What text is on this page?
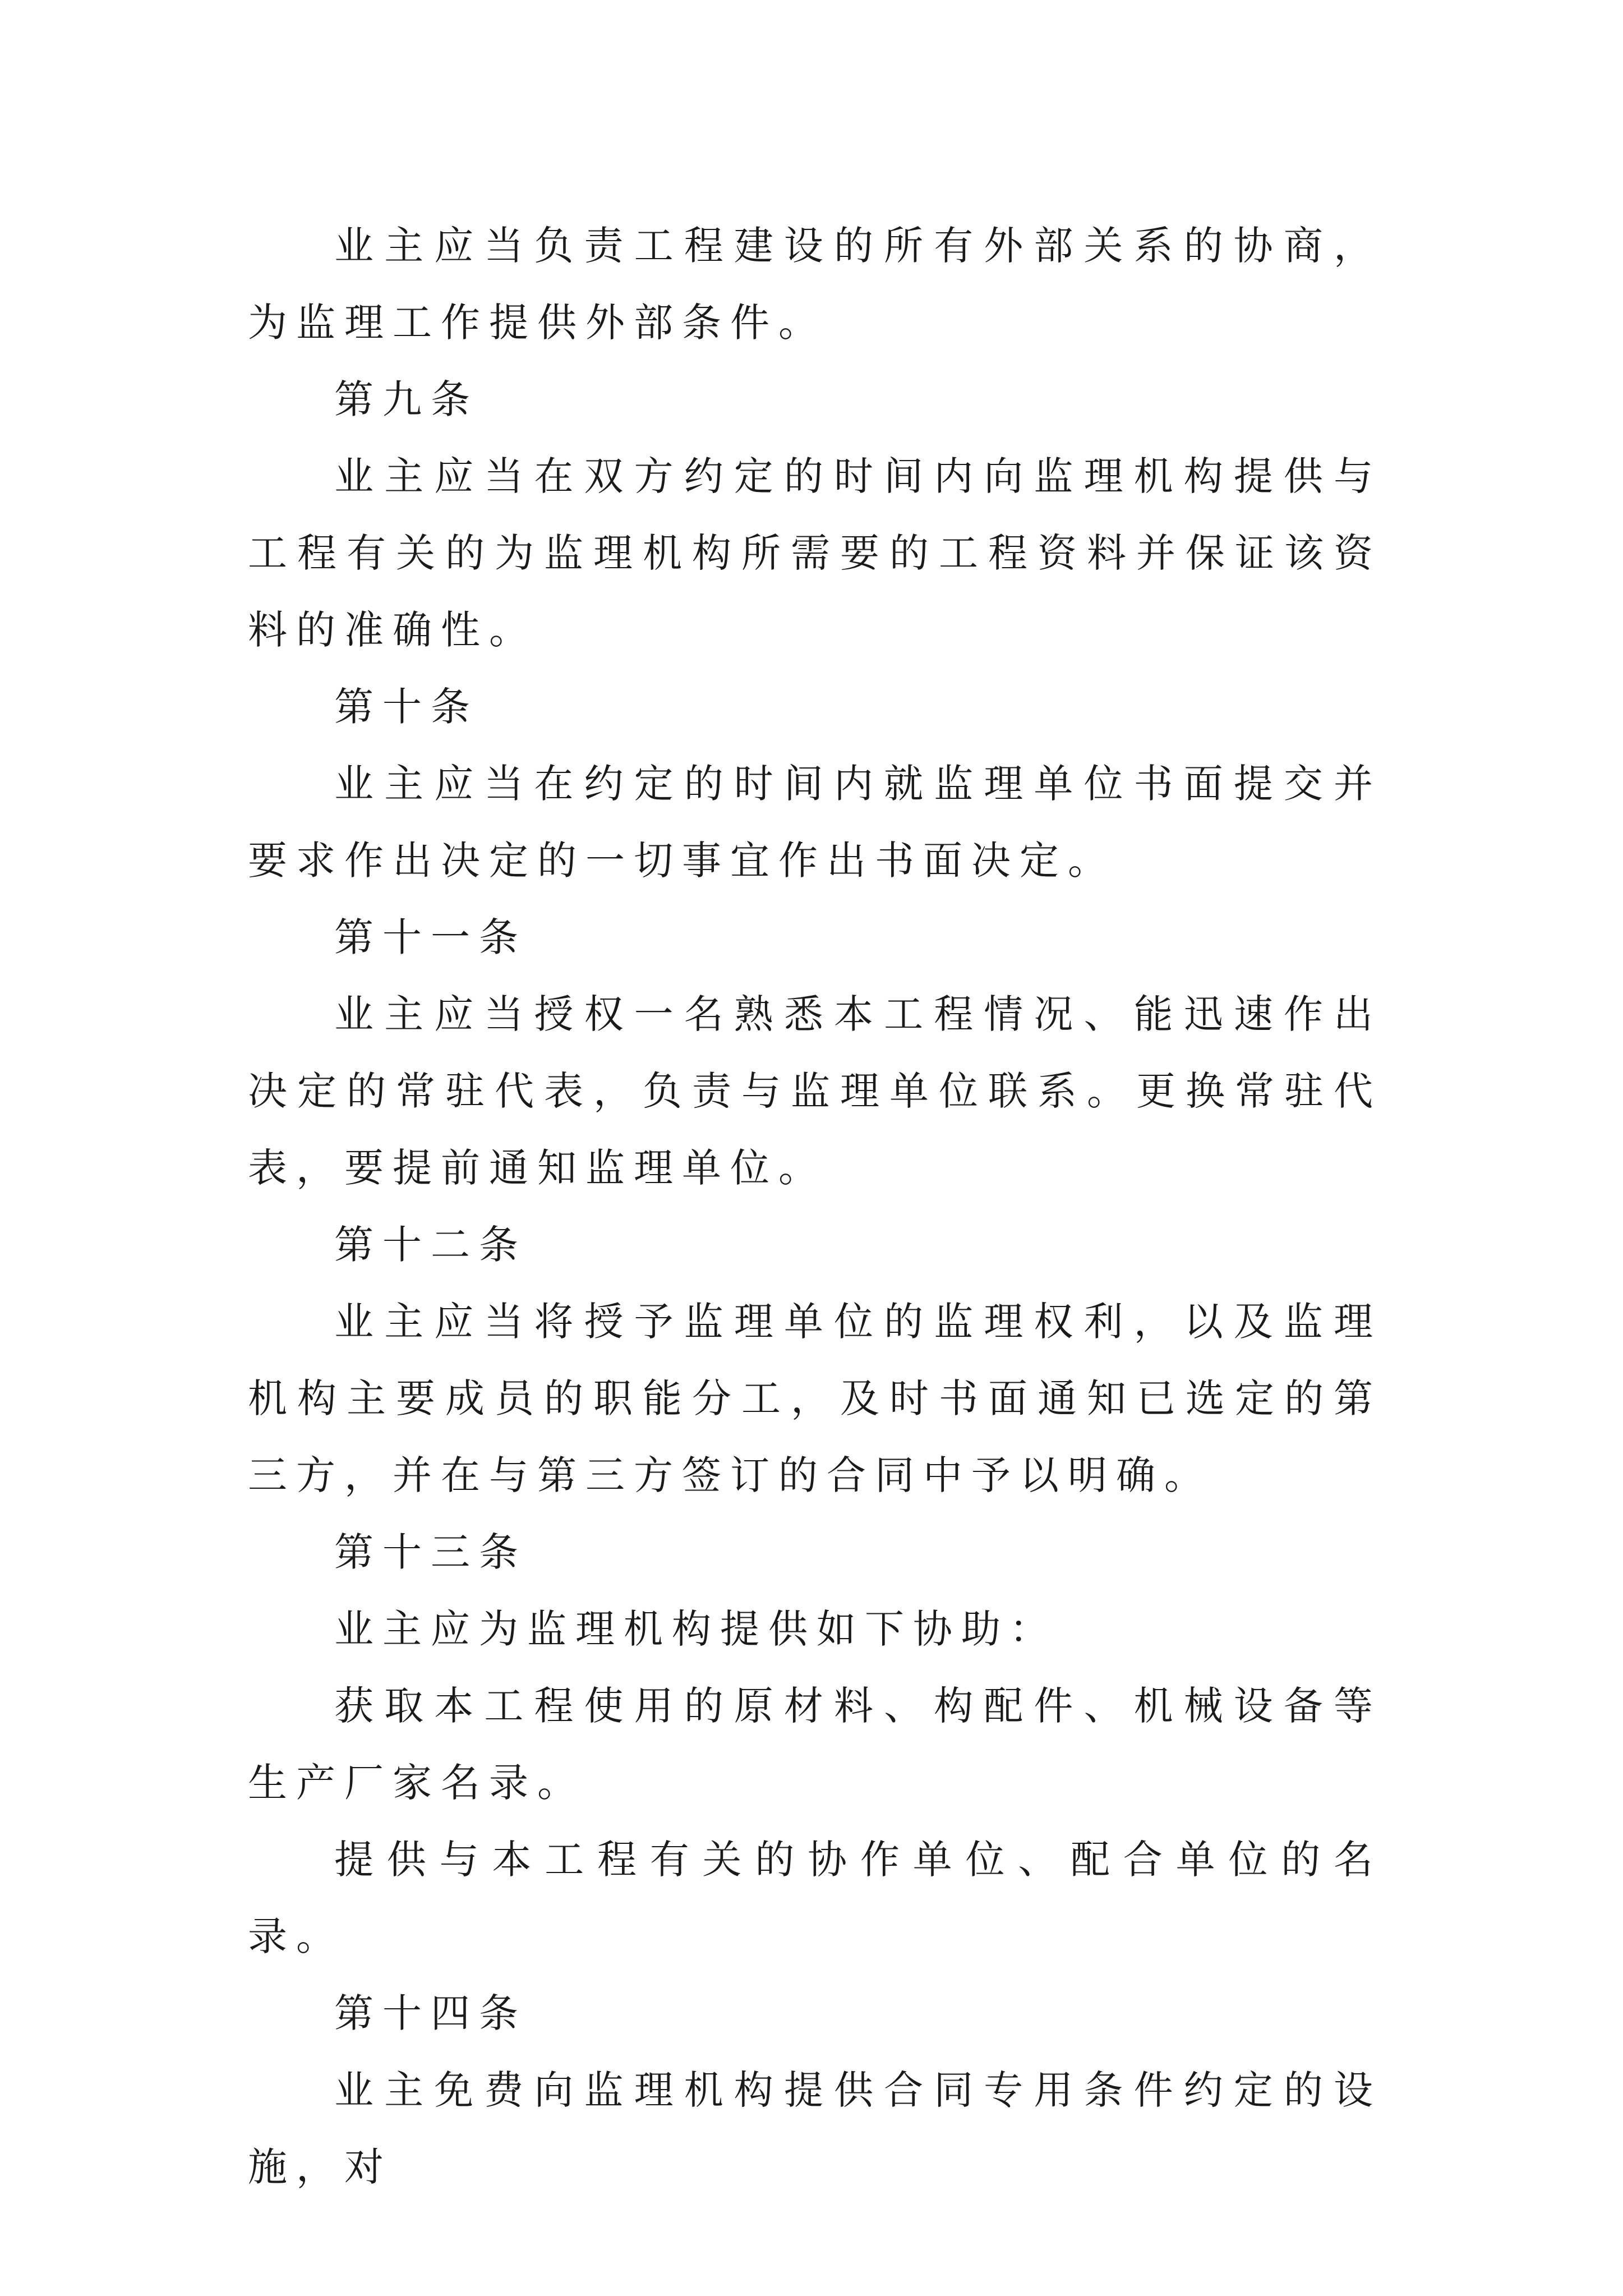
业主应当负责工程建设的所有外部关系的协商，为监理工作提供外部条件。

第九条

业主应当在双方约定的时间内向监理机构提供与工程有关的为监理机构所需要的工程资料并保证该资料的准确性。

第十条

业主应当在约定的时间内就监理单位书面提交并要求作出决定的一切事宜作出书面决定。

第十一条

业主应当授权一名熟悉本工程情况、能迅速作出决定的常驻代表，负责与监理单位联系。更换常驻代表，要提前通知监理单位。

第十二条

业主应当将授予监理单位的监理权利，以及监理机构主要成员的职能分工，及时书面通知已选定的第三方，并在与第三方签订的合同中予以明确。

第十三条

业主应为监理机构提供如下协助：

获取本工程使用的原材料、构配件、机械设备等生产厂家名录。

提供与本工程有关的协作单位、配合单位的名录。

第十四条

业主免费向监理机构提供合同专用条件约定的设施，对
